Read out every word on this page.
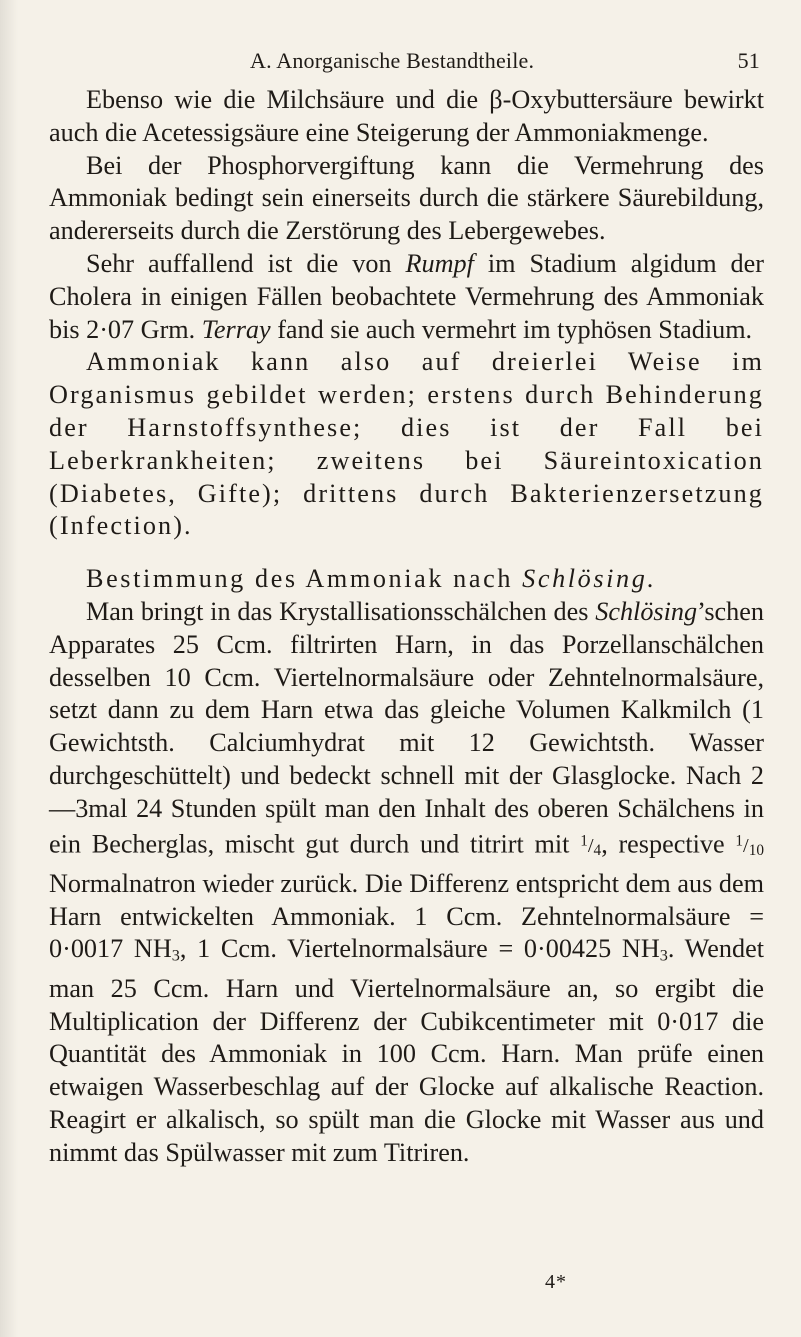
A. Anorganische Bestandtheile.	51

Ebenso wie die Milchsäure und die β-Oxybuttersäure bewirkt auch die Acetessigsäure eine Steigerung der Ammoniakmenge.

Bei der Phosphorvergiftung kann die Vermehrung des Ammoniak bedingt sein einerseits durch die stärkere Säurebildung, andererseits durch die Zerstörung des Lebergewebes.

Sehr auffallend ist die von Rumpf im Stadium algidum der Cholera in einigen Fällen beobachtete Vermehrung des Ammoniak bis 2·07 Grm. Terray fand sie auch vermehrt im typhösen Stadium.

Ammoniak kann also auf dreierlei Weise im Organismus gebildet werden; erstens durch Behinderung der Harnstoffsynthese; dies ist der Fall bei Leberkrankheiten; zweitens bei Säureintoxication (Diabetes, Gifte); drittens durch Bakterienzersetzung (Infection).

Bestimmung des Ammoniak nach Schlösing.

Man bringt in das Krystallisationsschälchen des Schlösing’schen Apparates 25 Ccm. filtrirten Harn, in das Porzellanschälchen desselben 10 Ccm. Viertelnormalsäure oder Zehntelnormalsäure, setzt dann zu dem Harn etwa das gleiche Volumen Kalkmilch (1 Gewichtsth. Calciumhydrat mit 12 Gewichtsth. Wasser durchgeschüttelt) und bedeckt schnell mit der Glasglocke. Nach 2—3mal 24 Stunden spült man den Inhalt des oberen Schälchens in ein Becherglas, mischt gut durch und titrirt mit $^1$/4, respective $^1$/10 Normalnatron wieder zurück. Die Differenz entspricht dem aus dem Harn entwickelten Ammoniak. 1 Ccm. Zehntelnormalsäure = 0·0017 $NH_3$, 1 Ccm. Viertelnormalsäure = 0·00425 $NH_3$. Wendet man 25 Ccm. Harn und Viertelnormalsäure an, so ergibt die Multiplication der Differenz der Cubikcentimeter mit 0·017 die Quantität des Ammoniak in 100 Ccm. Harn. Man prüfe einen etwaigen Wasserbeschlag auf der Glocke auf alkalische Reaction. Reagirt er alkalisch, so spült man die Glocke mit Wasser aus und nimmt das Spülwasser mit zum Titriren.

4*
